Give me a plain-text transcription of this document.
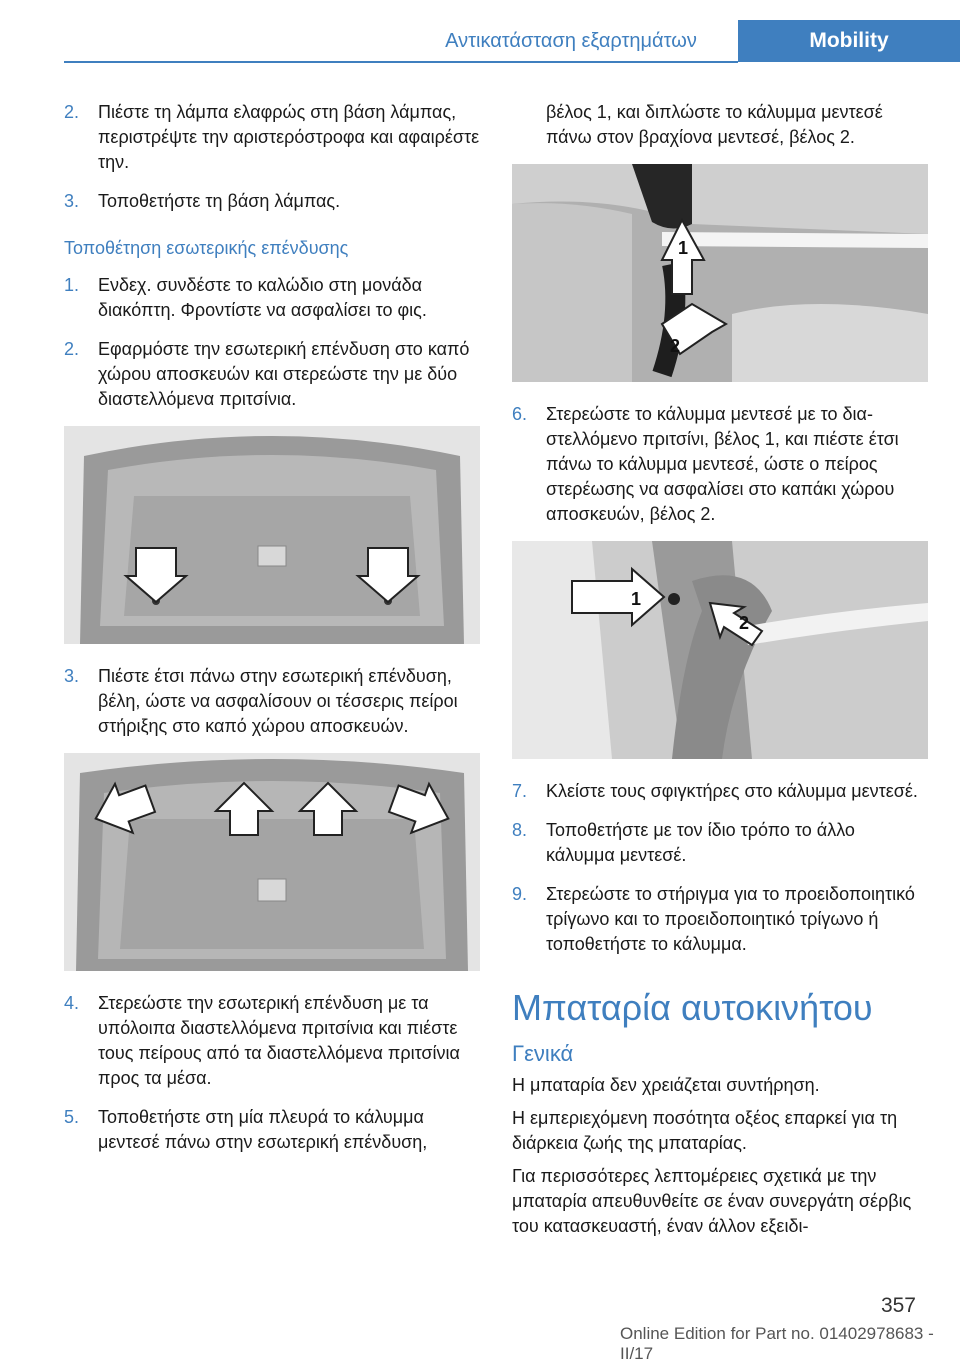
Αντικατάσταση εξαρτημάτων	Mobility
2. Πιέστε τη λάμπα ελαφρώς στη βάση λάμπας, περιστρέψτε την αριστερόστροφα και αφαιρέστε την.
3. Τοποθετήστε τη βάση λάμπας.
Τοποθέτηση εσωτερικής επένδυσης
1. Ενδεχ. συνδέστε το καλώδιο στη μονάδα διακόπτη. Φροντίστε να ασφαλίσει το φις.
2. Εφαρμόστε την εσωτερική επένδυση στο καπό χώρου αποσκευών και στερεώστε την με δύο διαστελλόμενα πριτσίνια.
3. Πιέστε έτσι πάνω στην εσωτερική επένδυση, βέλη, ώστε να ασφαλίσουν οι τέσσερις πείροι στήριξης στο καπό χώρου αποσκευών.
4. Στερεώστε την εσωτερική επένδυση με τα υπόλοιπα διαστελλόμενα πριτσίνια και πιέστε τους πείρους από τα διαστελλόμενα πριτσίνια προς τα μέσα.
5. Τοποθετήστε στη μία πλευρά το κάλυμμα μεντεσέ πάνω στην εσωτερική επένδυση,
βέλος 1, και διπλώστε το κάλυμμα μεντεσέ πάνω στον βραχίονα μεντεσέ, βέλος 2.
1
2
6. Στερεώστε το κάλυμμα μεντεσέ με το διαστελλόμενο πριτσίνι, βέλος 1, και πιέστε έτσι πάνω το κάλυμμα μεντεσέ, ώστε ο πείρος στερέωσης να ασφαλίσει στο καπάκι χώρου αποσκευών, βέλος 2.
1
2
7. Κλείστε τους σφιγκτήρες στο κάλυμμα μεντεσέ.
8. Τοποθετήστε με τον ίδιο τρόπο το άλλο κάλυμμα μεντεσέ.
9. Στερεώστε το στήριγμα για το προειδοποιητικό τρίγωνο και το προειδοποιητικό τρίγωνο ή τοποθετήστε το κάλυμμα.
Μπαταρία αυτοκινήτου
Γενικά
Η μπαταρία δεν χρειάζεται συντήρηση.
Η εμπεριεχόμενη ποσότητα οξέος επαρκεί για τη διάρκεια ζωής της μπαταρίας.
Για περισσότερες λεπτομέρειες σχετικά με την μπαταρία απευθυνθείτε σε έναν συνεργάτη σέρβις του κατασκευαστή, έναν άλλον εξειδι-
357
Online Edition for Part no. 01402978683 - II/17
